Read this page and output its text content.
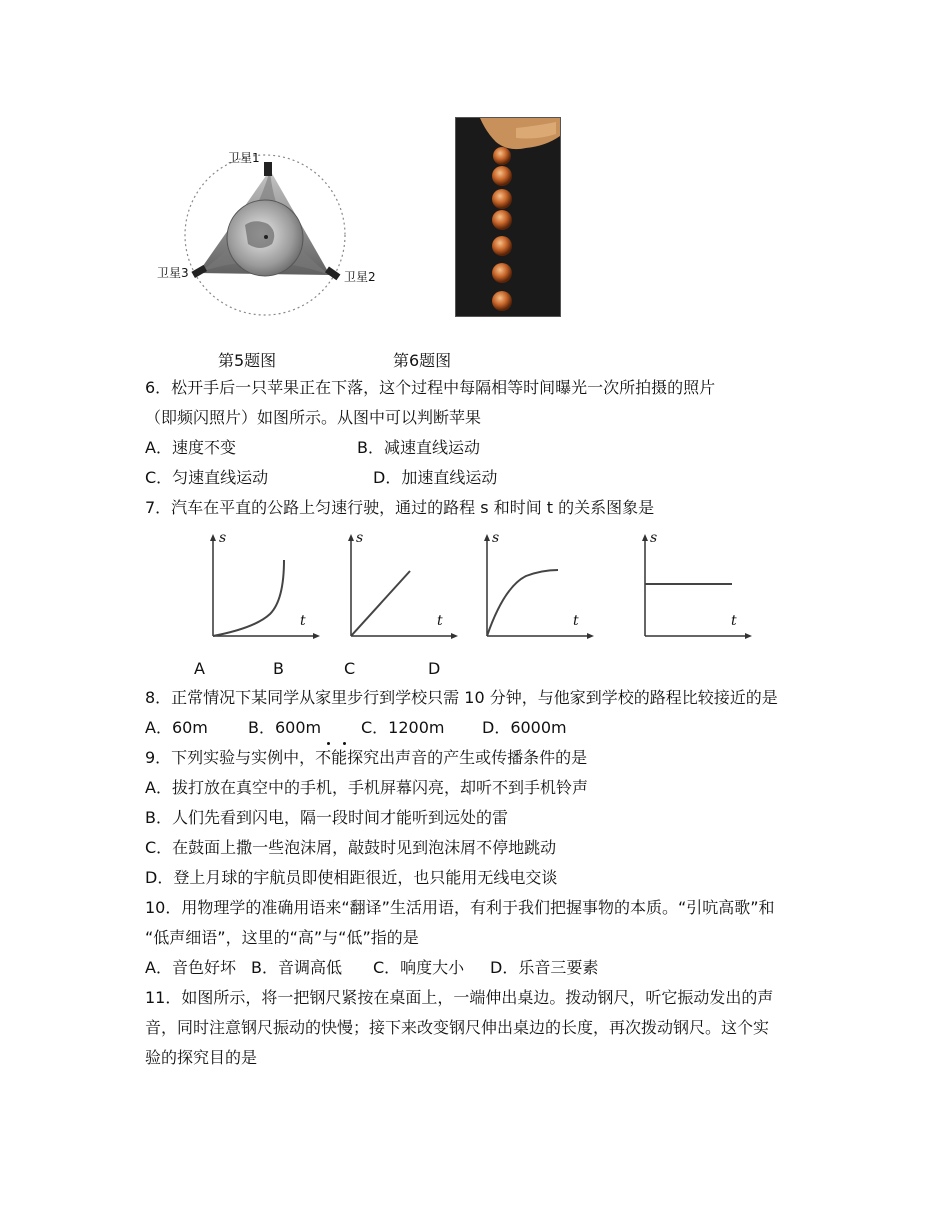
卫星1
卫星2
卫星3
第5题图	第6题图
6．松开手后一只苹果正在下落，这个过程中每隔相等时间曝光一次所拍摄的照片
（即频闪照片）如图所示。从图中可以判断苹果
A．速度不变	B．减速直线运动
C．匀速直线运动	D．加速直线运动
7．汽车在平直的公路上匀速行驶，通过的路程 s 和时间 t 的关系图象是
s
t
s
t
s
t
s
t
A	B	C	D
8．正常情况下某同学从家里步行到学校只需 10 分钟，与他家到学校的路程比较接近的是
A．60m	B．600m C．1200m D．6000m
9．下列实验与实例中，不能探究出声音的产生或传播条件的是
A．拔打放在真空中的手机，手机屏幕闪亮，却听不到手机铃声
B．人们先看到闪电，隔一段时间才能听到远处的雷
C．在鼓面上撒一些泡沫屑，敲鼓时见到泡沫屑不停地跳动
D．登上月球的宇航员即使相距很近，也只能用无线电交谈
10．用物理学的准确用语来“翻译”生活用语，有利于我们把握事物的本质。“引吭高歌”和
“低声细语”，这里的“高”与“低”指的是
A．音色好坏 B．音调高低 C．响度大小 D．乐音三要素
11．如图所示，将一把钢尺紧按在桌面上，一端伸出桌边。拨动钢尺，听它振动发出的声
音，同时注意钢尺振动的快慢；接下来改变钢尺伸出桌边的长度，再次拨动钢尺。这个实
验的探究目的是
